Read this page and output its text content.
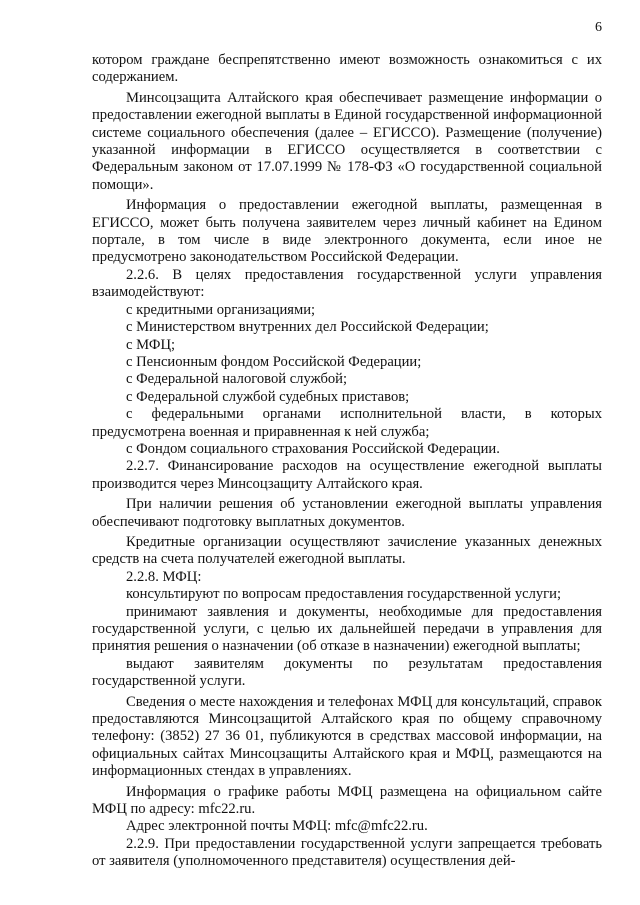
6

котором граждане беспрепятственно имеют возможность ознакомиться с их содержанием.

Минсоцзащита Алтайского края обеспечивает размещение информации о предоставлении ежегодной выплаты в Единой государственной информационной системе социального обеспечения (далее – ЕГИССО). Размещение (получение) указанной информации в ЕГИССО осуществляется в соответствии с Федеральным законом от 17.07.1999 № 178-ФЗ «О государственной социальной помощи».

Информация о предоставлении ежегодной выплаты, размещенная в ЕГИССО, может быть получена заявителем через личный кабинет на Едином портале, в том числе в виде электронного документа, если иное не предусмотрено законодательством Российской Федерации.

2.2.6. В целях предоставления государственной услуги управления взаимодействуют:

с кредитными организациями;

с Министерством внутренних дел Российской Федерации;

с МФЦ;

с Пенсионным фондом Российской Федерации;

с Федеральной налоговой службой;

с Федеральной службой судебных приставов;

с федеральными органами исполнительной власти, в которых предусмотрена военная и приравненная к ней служба;

с Фондом социального страхования Российской Федерации.

2.2.7. Финансирование расходов на осуществление ежегодной выплаты производится через Минсоцзащиту Алтайского края.

При наличии решения об установлении ежегодной выплаты управления обеспечивают подготовку выплатных документов.

Кредитные организации осуществляют зачисление указанных денежных средств на счета получателей ежегодной выплаты.

2.2.8. МФЦ:

консультируют по вопросам предоставления государственной услуги;

принимают заявления и документы, необходимые для предоставления государственной услуги, с целью их дальнейшей передачи в управления для принятия решения о назначении (об отказе в назначении) ежегодной выплаты;

выдают заявителям документы по результатам предоставления государственной услуги.

Сведения о месте нахождения и телефонах МФЦ для консультаций, справок предоставляются Минсоцзащитой Алтайского края по общему справочному телефону: (3852) 27 36 01, публикуются в средствах массовой информации, на официальных сайтах Минсоцзащиты Алтайского края и МФЦ, размещаются на информационных стендах в управлениях.

Информация о графике работы МФЦ размещена на официальном сайте МФЦ по адресу: mfc22.ru.

Адрес электронной почты МФЦ: mfc@mfc22.ru.

2.2.9. При предоставлении государственной услуги запрещается требовать от заявителя (уполномоченного представителя) осуществления дей-
